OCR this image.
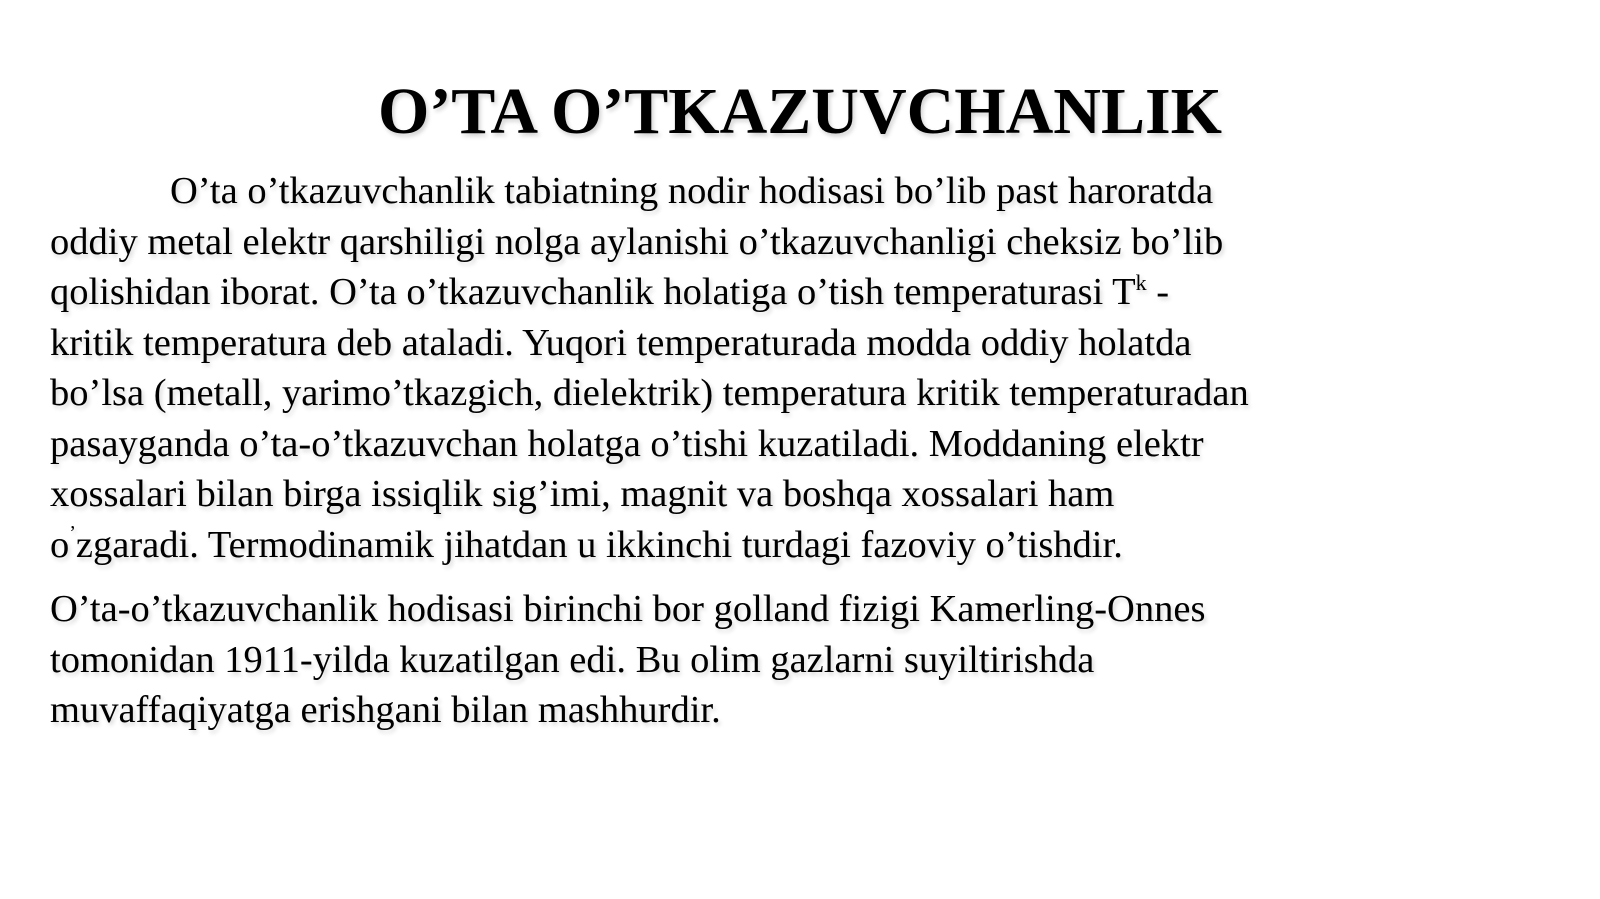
O’TA O’TKAZUVCHANLIK
O’ta o’tkazuvchanlik tabiatning nodir hodisasi bo’lib past haroratda
oddiy metal elektr qarshiligi nolga aylanishi o’tkazuvchanligi cheksiz bo’lib
qolishidan iborat. O’ta o’tkazuvchanlik holatiga o’tish temperaturasi $T^k$ -
kritik temperatura deb ataladi. Yuqori temperaturada modda oddiy holatda
bo’lsa (metall, yarimo’tkazgich, dielektrik) temperatura kritik temperaturadan
pasayganda o’ta-o’tkazuvchan holatga o’tishi kuzatiladi. Moddaning elektr
xossalari bilan birga issiqlik sig’imi, magnit va boshqa xossalari ham
o’zgaradi. Termodinamik jihatdan u ikkinchi turdagi fazoviy o’tishdir.
O’ta-o’tkazuvchanlik hodisasi birinchi bor golland fizigi Kamerling-Onnes
tomonidan 1911-yilda kuzatilgan edi. Bu olim gazlarni suyiltirishda
muvaffaqiyatga erishgani bilan mashhurdir.
